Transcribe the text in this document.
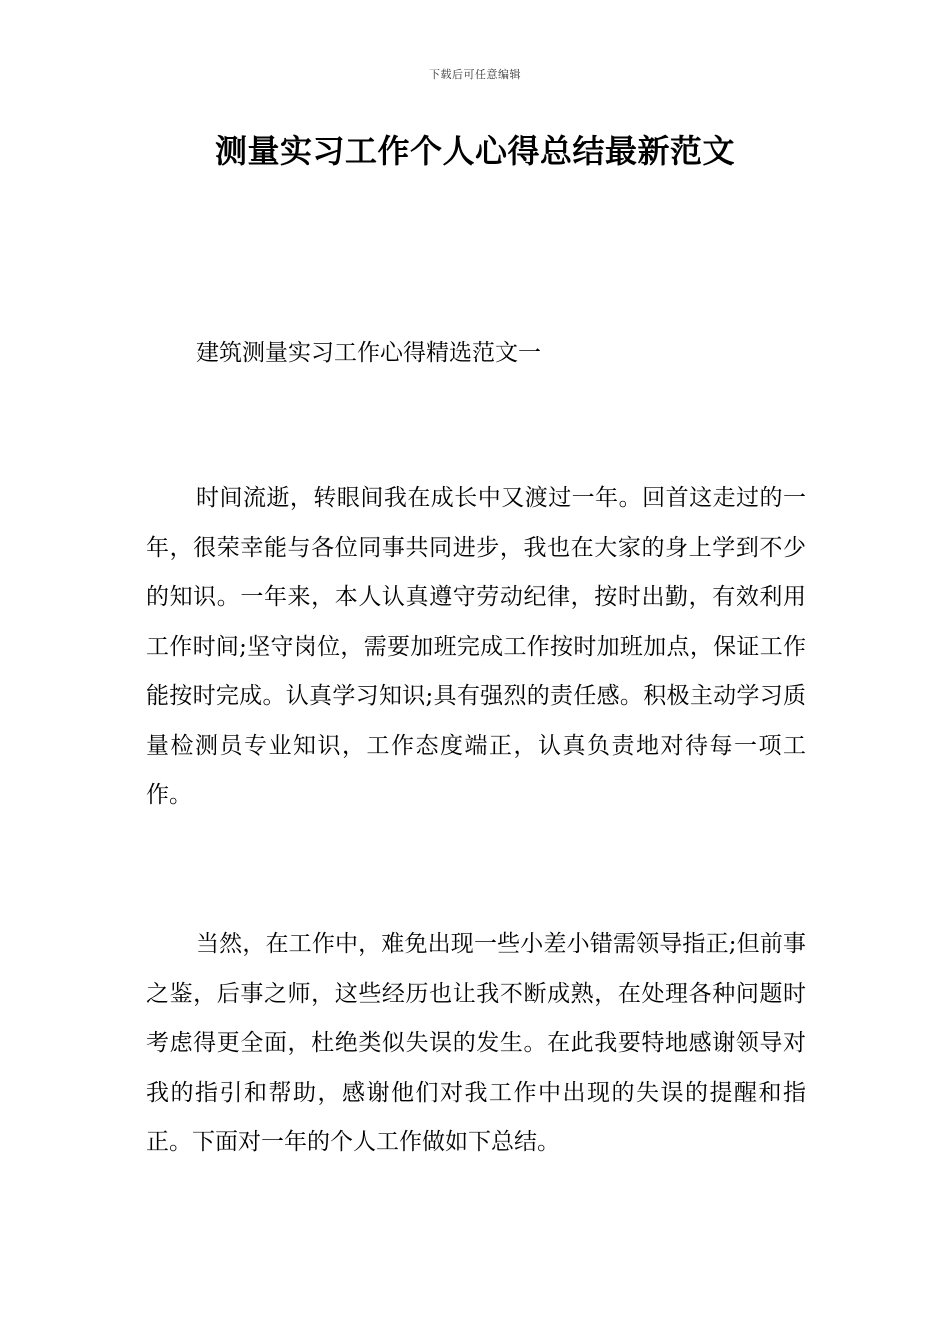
下载后可任意编辑
测量实习工作个人心得总结最新范文
建筑测量实习工作心得精选范文一

时间流逝，转眼间我在成长中又渡过一年。回首这走过的一年，很荣幸能与各位同事共同进步，我也在大家的身上学到不少的知识。一年来，本人认真遵守劳动纪律，按时出勤，有效利用工作时间;坚守岗位，需要加班完成工作按时加班加点，保证工作能按时完成。认真学习知识;具有强烈的责任感。积极主动学习质量检测员专业知识，工作态度端正，认真负责地对待每一项工作。

当然，在工作中，难免出现一些小差小错需领导指正;但前事之鉴，后事之师，这些经历也让我不断成熟，在处理各种问题时考虑得更全面，杜绝类似失误的发生。在此我要特地感谢领导对我的指引和帮助，感谢他们对我工作中出现的失误的提醒和指正。下面对一年的个人工作做如下总结。
